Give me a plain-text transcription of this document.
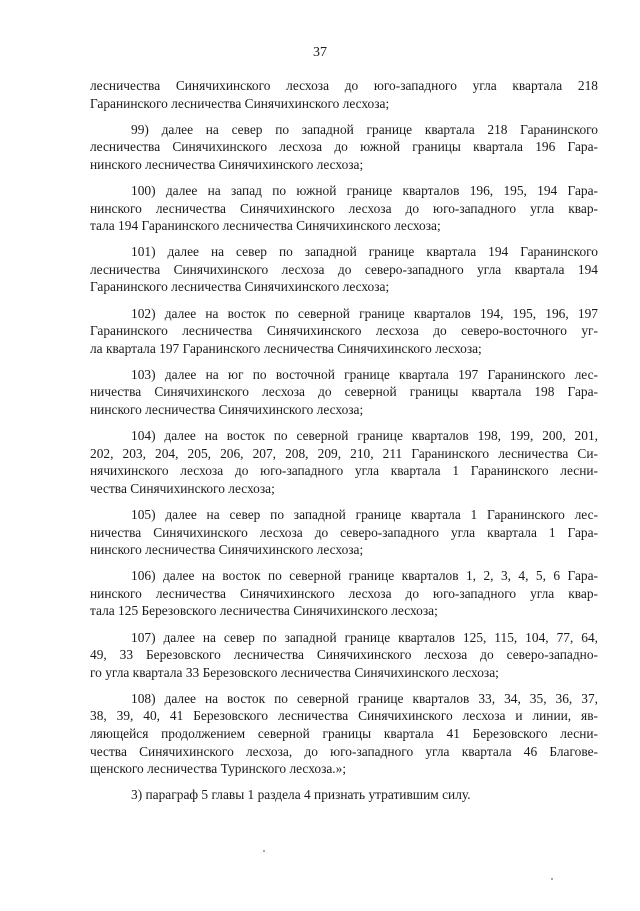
37

лесничества Синячихинского лесхоза до юго-западного угла квартала 218
Гаранинского лесничества Синячихинского лесхоза;

99) далее на север по западной границе квартала 218 Гаранинского
лесничества Синячихинского лесхоза до южной границы квартала 196 Гара-
нинского лесничества Синячихинского лесхоза;

100) далее на запад по южной границе кварталов 196, 195, 194 Гара-
нинского лесничества Синячихинского лесхоза до юго-западного угла квар-
тала 194 Гаранинского лесничества Синячихинского лесхоза;

101) далее на север по западной границе квартала 194 Гаранинского
лесничества Синячихинского лесхоза до северо-западного угла квартала 194
Гаранинского лесничества Синячихинского лесхоза;

102) далее на восток по северной границе кварталов 194, 195, 196, 197
Гаранинского лесничества Синячихинского лесхоза до северо-восточного уг-
ла квартала 197 Гаранинского лесничества Синячихинского лесхоза;

103) далее на юг по восточной границе квартала 197 Гаранинского лес-
ничества Синячихинского лесхоза до северной границы квартала 198 Гара-
нинского лесничества Синячихинского лесхоза;

104) далее на восток по северной границе кварталов 198, 199, 200, 201,
202, 203, 204, 205, 206, 207, 208, 209, 210, 211 Гаранинского лесничества Си-
нячихинского лесхоза до юго-западного угла квартала 1 Гаранинского лесни-
чества Синячихинского лесхоза;

105) далее на север по западной границе квартала 1 Гаранинского лес-
ничества Синячихинского лесхоза до северо-западного угла квартала 1 Гара-
нинского лесничества Синячихинского лесхоза;

106) далее на восток по северной границе кварталов 1, 2, 3, 4, 5, 6 Гара-
нинского лесничества Синячихинского лесхоза до юго-западного угла квар-
тала 125 Березовского лесничества Синячихинского лесхоза;

107) далее на север по западной границе кварталов 125, 115, 104, 77, 64,
49, 33 Березовского лесничества Синячихинского лесхоза до северо-западно-
го угла квартала 33 Березовского лесничества Синячихинского лесхоза;

108) далее на восток по северной границе кварталов 33, 34, 35, 36, 37,
38, 39, 40, 41 Березовского лесничества Синячихинского лесхоза и линии, яв-
ляющейся продолжением северной границы квартала 41 Березовского лесни-
чества Синячихинского лесхоза, до юго-западного угла квартала 46 Благове-
щенского лесничества Туринского лесхоза.»;

3) параграф 5 главы 1 раздела 4 признать утратившим силу.
